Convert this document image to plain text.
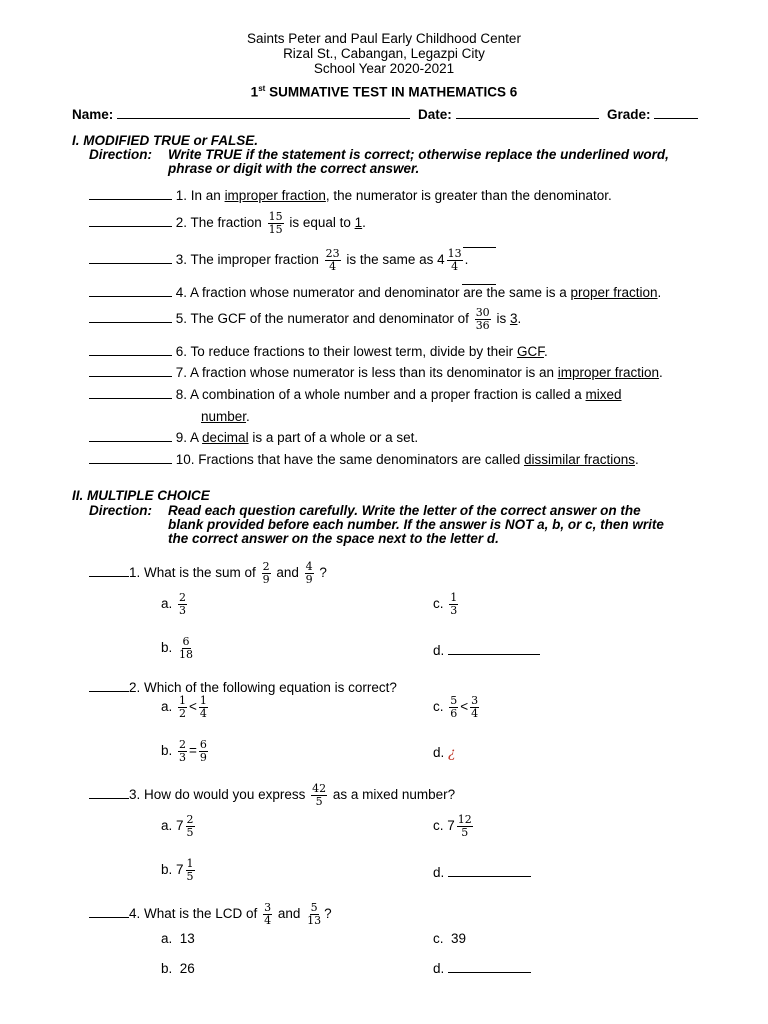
Saints Peter and Paul Early Childhood Center
Rizal St., Cabangan, Legazpi City
School Year 2020-2021
1st SUMMATIVE TEST IN MATHEMATICS 6
Name:	Date:	Grade:
I. MODIFIED TRUE or FALSE.
Direction: Write TRUE if the statement is correct; otherwise replace the underlined word,
phrase or digit with the correct answer.
1. In an improper fraction, the numerator is greater than the denominator.
2. The fraction $\frac{15}{15}$ is equal to 1.
3. The improper fraction $\frac{23}{4}$ is the same as $4 \frac{13}{4}$ .
4. A fraction whose numerator and denominator are the same is a proper fraction.
5. The GCF of the numerator and denominator of $\frac{30}{36}$ is 3.
6. To reduce fractions to their lowest term, divide by their GCF.
7. A fraction whose numerator is less than its denominator is an improper fraction.
8. A combination of a whole number and a proper fraction is called a mixed
number.
9. A decimal is a part of a whole or a set.
10. Fractions that have the same denominators are called dissimilar fractions.
II. MULTIPLE CHOICE
Direction: Read each question carefully. Write the letter of the correct answer on the
blank provided before each number. If the answer is NOT a, b, or c, then write
the correct answer on the space next to the letter d.
1. What is the sum of $\frac{2}{9}$ and $\frac{4}{9}$ ?
a. $\frac{2}{3}$	c. $\frac{1}{3}$
b. $\frac{6}{18}$	d.
2. Which of the following equation is correct?
a. $\frac{1}{2} < \frac{1}{4}$	c. $\frac{5}{6} < \frac{3}{4}$
b. $\frac{2}{3} = \frac{6}{9}$	d. ¿
3. How do would you express $\frac{42}{5}$ as a mixed number?
a. $7 \frac{2}{5}$	c. $7 \frac{12}{5}$
b. $7 \frac{1}{5}$	d.
4. What is the LCD of $\frac{3}{4}$ and $\frac{5}{13}$ ?
a. 13	c. 39
b. 26	d.
